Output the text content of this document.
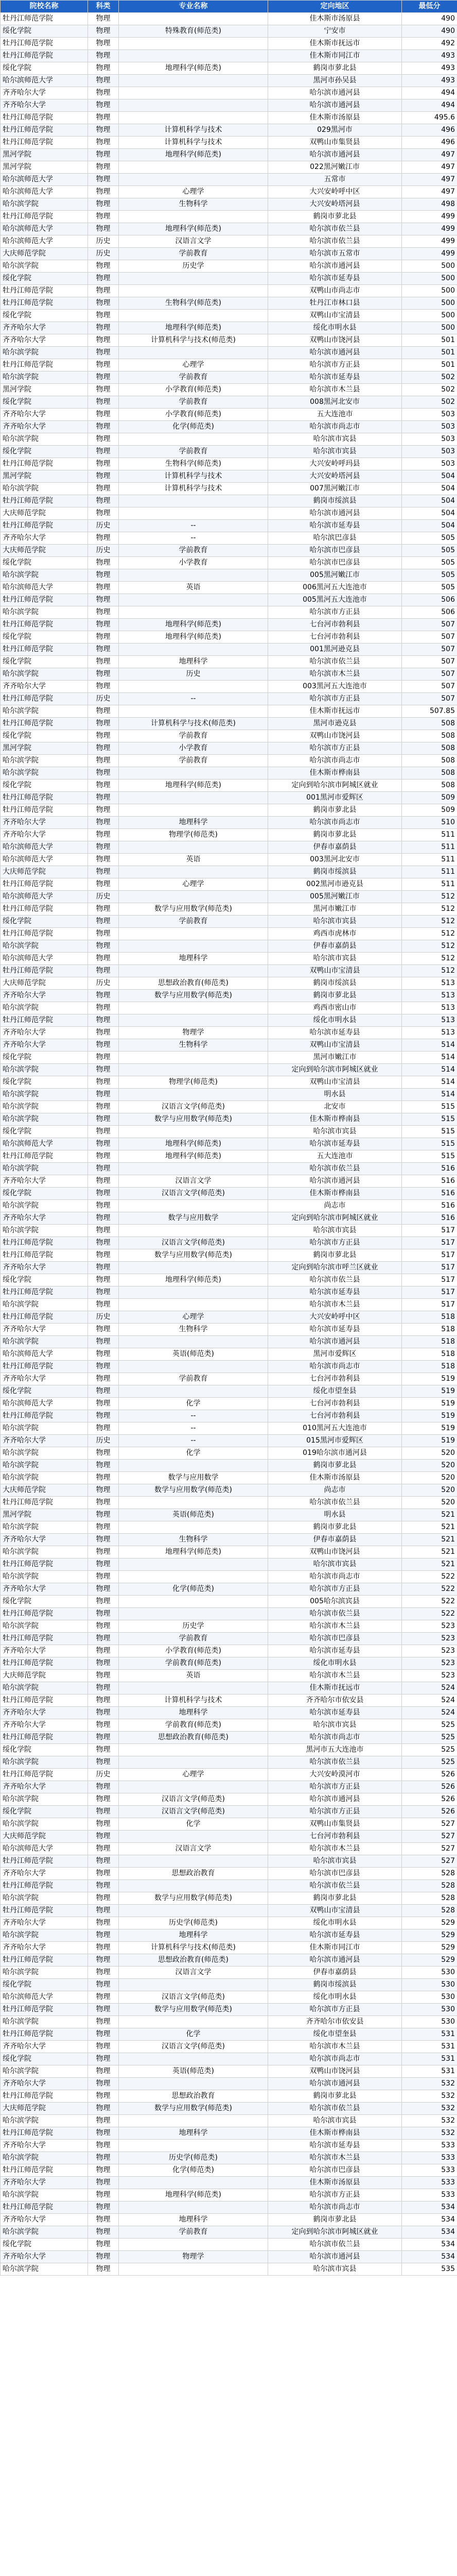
院校名称	科类	专业名称	定向地区	最低分
牡丹江师范学院	物理		佳木斯市汤原县	490
绥化学院	物理	特殊教育(师范类)	宁安市	490
牡丹江师范学院	物理		佳木斯市抚远市	492
牡丹江师范学院	物理		佳木斯市同江市	493
绥化学院	物理	地理科学(师范类)	鹤岗市萝北县	493
哈尔滨师范大学	物理		黑河市孙吴县	493
齐齐哈尔大学	物理		哈尔滨市通河县	494
齐齐哈尔大学	物理		哈尔滨市通河县	494
牡丹江师范学院	物理		佳木斯市汤原县	495.6
牡丹江师范学院	物理	计算机科学与技术	029黑河市	496
牡丹江师范学院	物理	计算机科学与技术	双鸭山市集贤县	496
黑河学院	物理	地理科学(师范类)	哈尔滨市通河县	497
黑河学院	物理		022黑河嫩江市	497
哈尔滨师范大学	物理		五常市	497
哈尔滨师范大学	物理	心理学	大兴安岭呼中区	497
哈尔滨学院	物理	生物科学	大兴安岭塔河县	498
牡丹江师范学院	物理		鹤岗市萝北县	499
哈尔滨师范大学	物理	地理科学(师范类)	哈尔滨市依兰县	499
哈尔滨师范大学	历史	汉语言文学	哈尔滨市依兰县	499
大庆师范学院	历史	学前教育	哈尔滨市五常市	499
哈尔滨学院	物理	历史学	哈尔滨市通河县	500
绥化学院	物理		哈尔滨市延寿县	500
牡丹江师范学院	物理		双鸭山市尚志市	500
牡丹江师范学院	物理	生物科学(师范类)	牡丹江市林口县	500
绥化学院	物理		双鸭山市宝清县	500
齐齐哈尔大学	物理	地理科学(师范类)	绥化市明水县	500
齐齐哈尔大学	物理	计算机科学与技术(师范类)	双鸭山市饶河县	501
哈尔滨学院	物理		哈尔滨市通河县	501
牡丹江师范学院	物理	心理学	哈尔滨市方正县	501
哈尔滨学院	物理	学前教育	哈尔滨市延寿县	502
黑河学院	物理	小学教育(师范类)	哈尔滨市木兰县	502
绥化学院	物理	学前教育	008黑河北安市	502
齐齐哈尔大学	物理	小学教育(师范类)	五大连池市	503
齐齐哈尔大学	物理	化学(师范类)	哈尔滨市尚志市	503
哈尔滨学院	物理		哈尔滨市宾县	503
绥化学院	物理	学前教育	哈尔滨市宾县	503
牡丹江师范学院	物理	生物科学(师范类)	大兴安岭呼玛县	503
黑河学院	物理	计算机科学与技术	大兴安岭塔河县	504
哈尔滨学院	物理	计算机科学与技术	007黑河嫩江市	504
牡丹江师范学院	物理		鹤岗市绥滨县	504
大庆师范学院	物理		哈尔滨市通河县	504
牡丹江师范学院	历史	--	哈尔滨市延寿县	504
齐齐哈尔大学	物理	--	哈尔滨巴彦县	505
大庆师范学院	历史	学前教育	哈尔滨市巴彦县	505
绥化学院	物理	小学教育	哈尔滨市巴彦县	505
哈尔滨学院	物理		005黑河嫩江市	505
哈尔滨师范大学	物理	英语	006黑河五大连池市	505
牡丹江师范学院	物理		005黑河五大连池市	506
哈尔滨学院	物理		哈尔滨市方正县	506
牡丹江师范学院	物理	地理科学(师范类)	七台河市勃利县	507
绥化学院	物理	地理科学(师范类)	七台河市勃利县	507
牡丹江师范学院	物理		001黑河逊克县	507
绥化学院	物理	地理科学	哈尔滨市依兰县	507
哈尔滨学院	物理	历史	哈尔滨市木兰县	507
齐齐哈尔大学	物理		003黑河五大连池市	507
牡丹江师范学院	历史	--	哈尔滨市方正县	507
哈尔滨学院	物理		佳木斯市抚远市	507.85
牡丹江师范学院	物理	计算机科学与技术(师范类)	黑河市逊克县	508
绥化学院	物理	学前教育	双鸭山市饶河县	508
黑河学院	物理	小学教育	哈尔滨市方正县	508
哈尔滨学院	物理	学前教育	哈尔滨市尚志市	508
哈尔滨学院	物理		佳木斯市桦南县	508
绥化学院	物理	地理科学(师范类)	定向到哈尔滨市阿城区就业	508
牡丹江师范学院	物理		001黑河市爱辉区	509
牡丹江师范学院	物理		鹤岗市萝北县	509
齐齐哈尔大学	物理	地理科学	哈尔滨市尚志市	510
齐齐哈尔大学	物理	物理学(师范类)	鹤岗市萝北县	511
哈尔滨师范大学	物理		伊春市嘉荫县	511
哈尔滨师范大学	物理	英语	003黑河北安市	511
大庆师范学院	物理		鹤岗市绥滨县	511
牡丹江师范学院	物理	心理学	002黑河市逊克县	511
哈尔滨师范大学	历史		005黑河嫩江市	512
牡丹江师范学院	物理	数学与应用数学(师范类)	黑河市嫩江市	512
绥化学院	物理	学前教育	哈尔滨市宾县	512
牡丹江师范学院	物理		鸡西市虎林市	512
哈尔滨学院	物理		伊春市嘉荫县	512
哈尔滨师范大学	物理	地理科学	哈尔滨市宾县	512
牡丹江师范学院	物理		双鸭山市宝清县	512
大庆师范学院	历史	思想政治教育(师范类)	鹤岗市绥滨县	513
齐齐哈尔大学	物理	数学与应用数学(师范类)	鹤岗市萝北县	513
哈尔滨学院	物理		鸡西市密山市	513
牡丹江师范学院	物理		绥化市明水县	513
齐齐哈尔大学	物理	物理学	哈尔滨市延寿县	513
齐齐哈尔大学	物理	生物科学	双鸭山市宝清县	514
绥化学院	物理		黑河市嫩江市	514
哈尔滨学院	物理		定向到哈尔滨市阿城区就业	514
绥化学院	物理	物理学(师范类)	双鸭山市宝清县	514
哈尔滨学院	物理		明水县	514
哈尔滨学院	物理	汉语言文学(师范类)	北安市	515
哈尔滨学院	物理	数学与应用数学(师范类)	佳木斯市桦南县	515
绥化学院	物理		哈尔滨市宾县	515
哈尔滨师范大学	物理	地理科学(师范类)	哈尔滨市延寿县	515
牡丹江师范学院	物理	地理科学(师范类)	五大连池市	515
哈尔滨学院	物理		哈尔滨市依兰县	516
齐齐哈尔大学	物理	汉语言文学	哈尔滨市通河县	516
绥化学院	物理	汉语言文学(师范类)	佳木斯市桦南县	516
哈尔滨学院	物理		尚志市	516
齐齐哈尔大学	物理	数学与应用数学	定向到哈尔滨市阿城区就业	516
哈尔滨学院	物理		哈尔滨市宾县	517
牡丹江师范学院	物理	汉语言文学(师范类)	哈尔滨市方正县	517
牡丹江师范学院	物理	数学与应用数学(师范类)	鹤岗市萝北县	517
齐齐哈尔大学	物理		定向到哈尔滨市呼兰区就业	517
绥化学院	物理	地理科学(师范类)	哈尔滨市依兰县	517
牡丹江师范学院	物理		哈尔滨市延寿县	517
哈尔滨学院	物理		哈尔滨市木兰县	517
牡丹江师范学院	历史	心理学	大兴安岭呼中区	518
齐齐哈尔大学	物理	生物科学	哈尔滨市延寿县	518
哈尔滨学院	物理		哈尔滨市通河县	518
哈尔滨师范大学	物理	英语(师范类)	黑河市爱辉区	518
牡丹江师范学院	物理		哈尔滨市尚志市	518
齐齐哈尔大学	物理	学前教育	七台河市勃利县	519
绥化学院	物理		绥化市望奎县	519
哈尔滨师范大学	物理	化学	七台河市勃利县	519
牡丹江师范学院	物理	--	七台河市勃利县	519
哈尔滨学院	物理	--	010黑河五大连池市	519
齐齐哈尔大学	历史	--	015黑河市爱辉区	519
哈尔滨学院	物理	化学	019哈尔滨市通河县	520
哈尔滨学院	物理		鹤岗市萝北县	520
哈尔滨学院	物理	数学与应用数学	佳木斯市汤原县	520
大庆师范学院	物理	数学与应用数学(师范类)	尚志市	520
牡丹江师范学院	物理		哈尔滨市依兰县	520
黑河学院	物理	英语(师范类)	明水县	521
哈尔滨学院	物理		鹤岗市萝北县	521
齐齐哈尔大学	物理	生物科学	伊春市嘉荫县	521
哈尔滨学院	物理	地理科学(师范类)	双鸭山市饶河县	521
牡丹江师范学院	物理		哈尔滨市宾县	521
哈尔滨学院	物理		哈尔滨市尚志市	522
齐齐哈尔大学	物理	化学(师范类)	哈尔滨市方正县	522
绥化学院	物理		005哈尔滨宾县	522
牡丹江师范学院	物理		哈尔滨市依兰县	522
哈尔滨学院	物理	历史学	哈尔滨市木兰县	523
牡丹江师范学院	物理	学前教育	哈尔滨市巴彦县	523
齐齐哈尔大学	物理	小学教育(师范类)	哈尔滨市延寿县	523
牡丹江师范学院	物理	学前教育(师范类)	绥化市明水县	523
大庆师范学院	物理	英语	哈尔滨市木兰县	523
哈尔滨学院	物理		佳木斯市抚远市	524
牡丹江师范学院	物理	计算机科学与技术	齐齐哈尔市依安县	524
齐齐哈尔大学	物理	地理科学	哈尔滨市延寿县	524
齐齐哈尔大学	物理	学前教育(师范类)	哈尔滨市宾县	525
牡丹江师范学院	物理	思想政治教育(师范类)	哈尔滨市尚志市	525
绥化学院	物理		黑河市五大连池市	525
哈尔滨学院	物理		哈尔滨市依兰县	525
牡丹江师范学院	历史	心理学	大兴安岭漠河市	526
齐齐哈尔大学	物理		哈尔滨市方正县	526
哈尔滨学院	物理	汉语言文学(师范类)	哈尔滨市通河县	526
绥化学院	物理	汉语言文学(师范类)	哈尔滨市方正县	526
哈尔滨学院	物理	化学	双鸭山市集贤县	527
大庆师范学院	物理		七台河市勃利县	527
哈尔滨师范大学	物理	汉语言文学	哈尔滨市木兰县	527
牡丹江师范学院	物理		哈尔滨市宾县	527
齐齐哈尔大学	物理	思想政治教育	哈尔滨市巴彦县	528
牡丹江师范学院	物理		哈尔滨市依兰县	528
哈尔滨学院	物理	数学与应用数学(师范类)	鹤岗市萝北县	528
牡丹江师范学院	物理		双鸭山市宝清县	528
齐齐哈尔大学	物理	历史学(师范类)	绥化市明水县	529
哈尔滨学院	物理	地理科学	哈尔滨市延寿县	529
齐齐哈尔大学	物理	计算机科学与技术(师范类)	佳木斯市同江市	529
牡丹江师范学院	物理	思想政治教育(师范类)	哈尔滨市通河县	529
哈尔滨学院	物理	汉语言文学	伊春市嘉荫县	530
绥化学院	物理		鹤岗市绥滨县	530
哈尔滨师范大学	物理	汉语言文学(师范类)	绥化市明水县	530
牡丹江师范学院	物理	数学与应用数学(师范类)	哈尔滨市方正县	530
哈尔滨学院	物理		齐齐哈尔市依安县	530
牡丹江师范学院	物理	化学	绥化市望奎县	531
齐齐哈尔大学	物理	汉语言文学(师范类)	哈尔滨市木兰县	531
绥化学院	物理		哈尔滨市尚志市	531
哈尔滨学院	物理	英语(师范类)	双鸭山市饶河县	531
齐齐哈尔大学	物理		哈尔滨市通河县	532
牡丹江师范学院	物理	思想政治教育	鹤岗市萝北县	532
大庆师范学院	物理	数学与应用数学(师范类)	哈尔滨市依兰县	532
哈尔滨学院	物理		哈尔滨市宾县	532
牡丹江师范学院	物理	地理科学	佳木斯市桦南县	532
齐齐哈尔大学	物理		哈尔滨市延寿县	533
哈尔滨学院	物理	历史学(师范类)	哈尔滨市木兰县	533
牡丹江师范学院	物理	化学(师范类)	哈尔滨市巴彦县	533
齐齐哈尔大学	物理		佳木斯市汤原县	533
哈尔滨学院	物理	地理科学(师范类)	哈尔滨市方正县	533
牡丹江师范学院	物理		哈尔滨市尚志市	534
齐齐哈尔大学	物理	地理科学	鹤岗市萝北县	534
哈尔滨学院	物理	学前教育	定向到哈尔滨市阿城区就业	534
绥化学院	物理		哈尔滨市依兰县	534
齐齐哈尔大学	物理	物理学	哈尔滨市通河县	534
哈尔滨学院	物理		哈尔滨市宾县	535
